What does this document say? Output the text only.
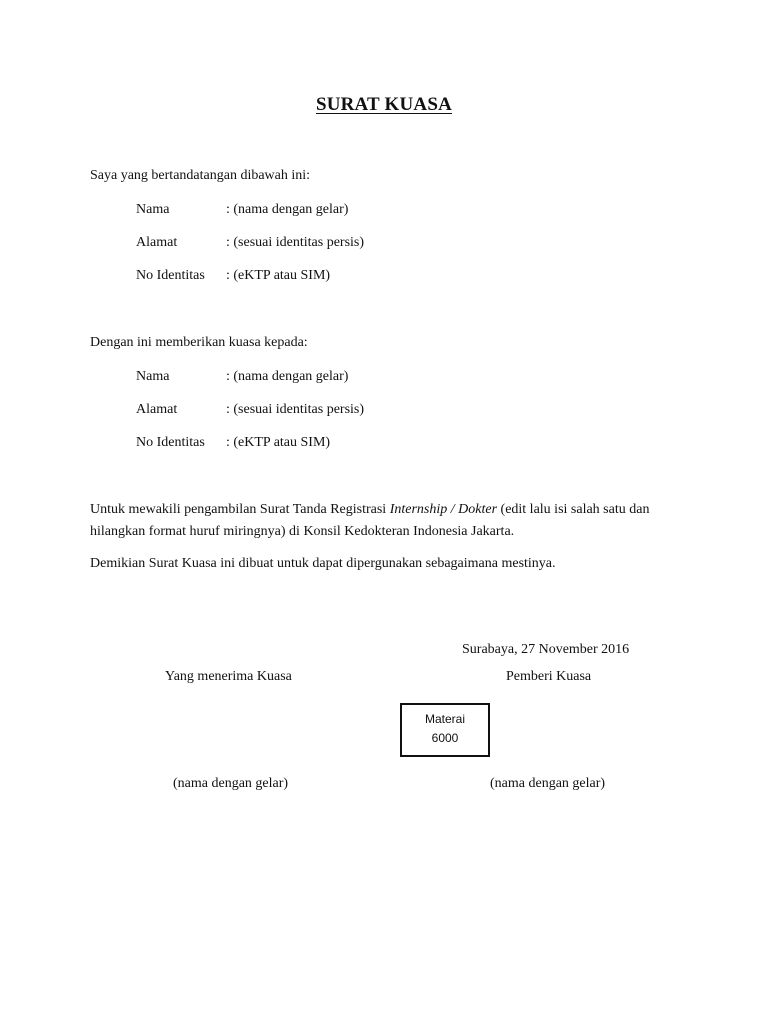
SURAT KUASA
Saya yang bertandatangan dibawah ini:
Nama	: (nama dengan gelar)
Alamat	: (sesuai identitas persis)
No Identitas : (eKTP atau SIM)
Dengan ini memberikan kuasa kepada:
Nama	: (nama dengan gelar)
Alamat	: (sesuai identitas persis)
No Identitas : (eKTP atau SIM)
Untuk mewakili pengambilan Surat Tanda Registrasi Internship / Dokter (edit lalu isi salah satu dan hilangkan format huruf miringnya) di Konsil Kedokteran Indonesia Jakarta.
Demikian Surat Kuasa ini dibuat untuk dapat dipergunakan sebagaimana mestinya.
Surabaya, 27 November 2016
Yang menerima Kuasa	Pemberi Kuasa
Materai
6000
(nama dengan gelar)	(nama dengan gelar)
